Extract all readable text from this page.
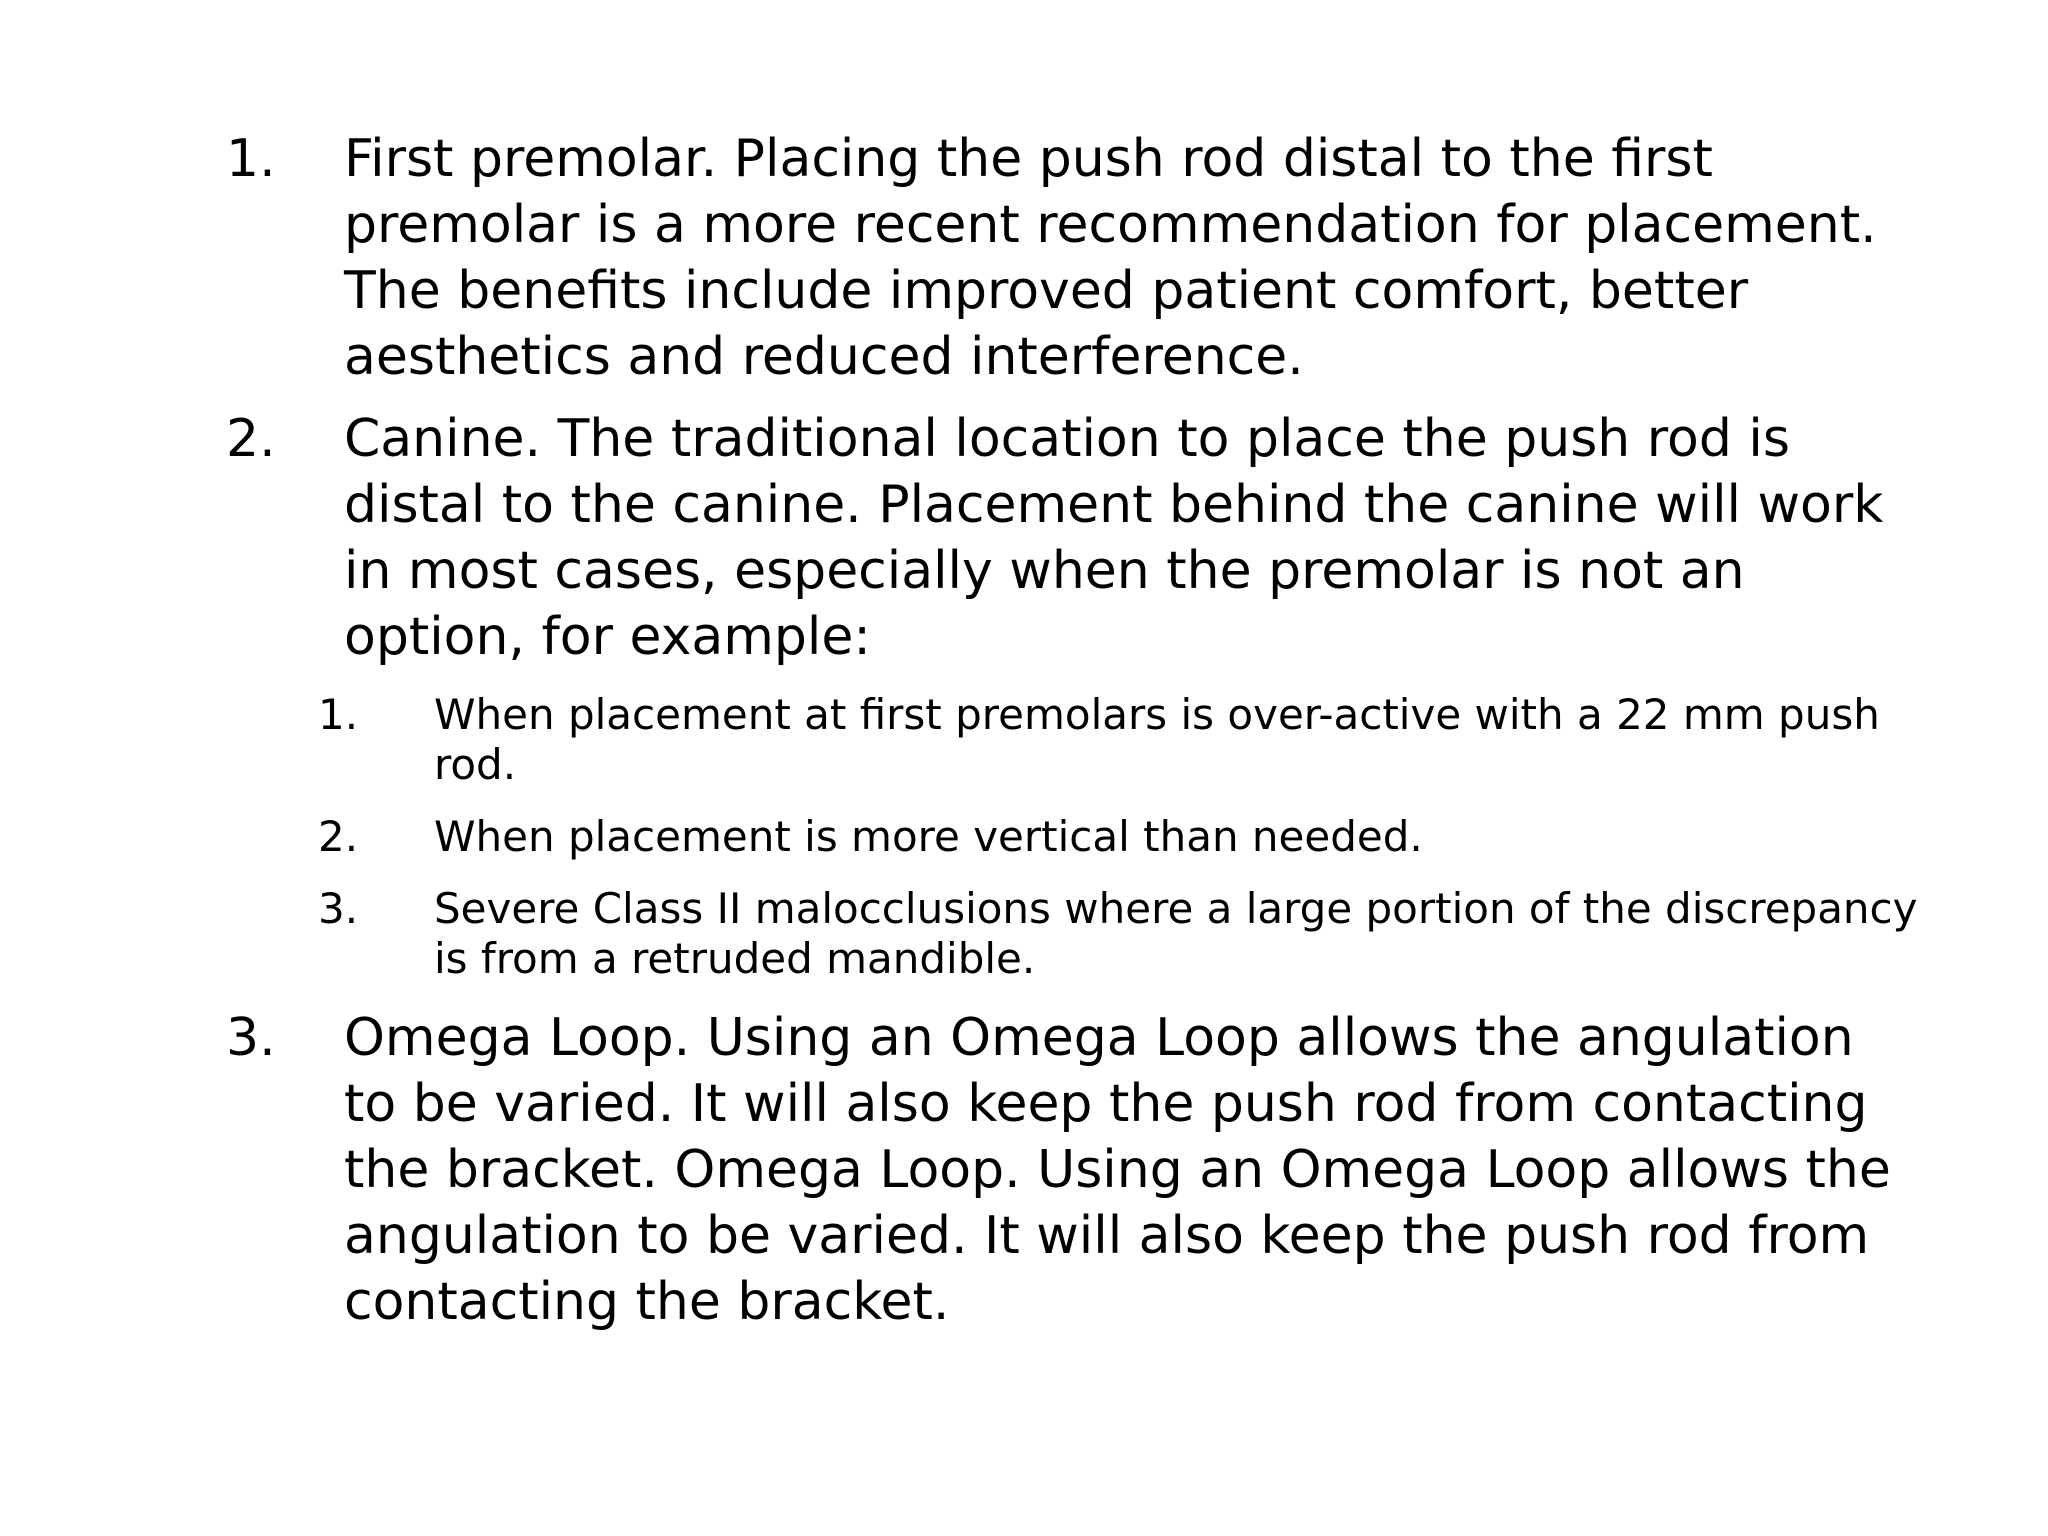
1. First premolar. Placing the push rod distal to the first premolar is a more recent recommendation for placement. The benefits include improved patient comfort, better aesthetics and reduced interference.
2. Canine. The traditional location to place the push rod is distal to the canine. Placement behind the canine will work in most cases, especially when the premolar is not an option, for example:
1. When placement at first premolars is over-active with a 22 mm push rod.
2. When placement is more vertical than needed.
3. Severe Class II malocclusions where a large portion of the discrepancy is from a retruded mandible.
3. Omega Loop. Using an Omega Loop allows the angulation to be varied. It will also keep the push rod from contacting the bracket. Omega Loop. Using an Omega Loop allows the angulation to be varied. It will also keep the push rod from contacting the bracket.
